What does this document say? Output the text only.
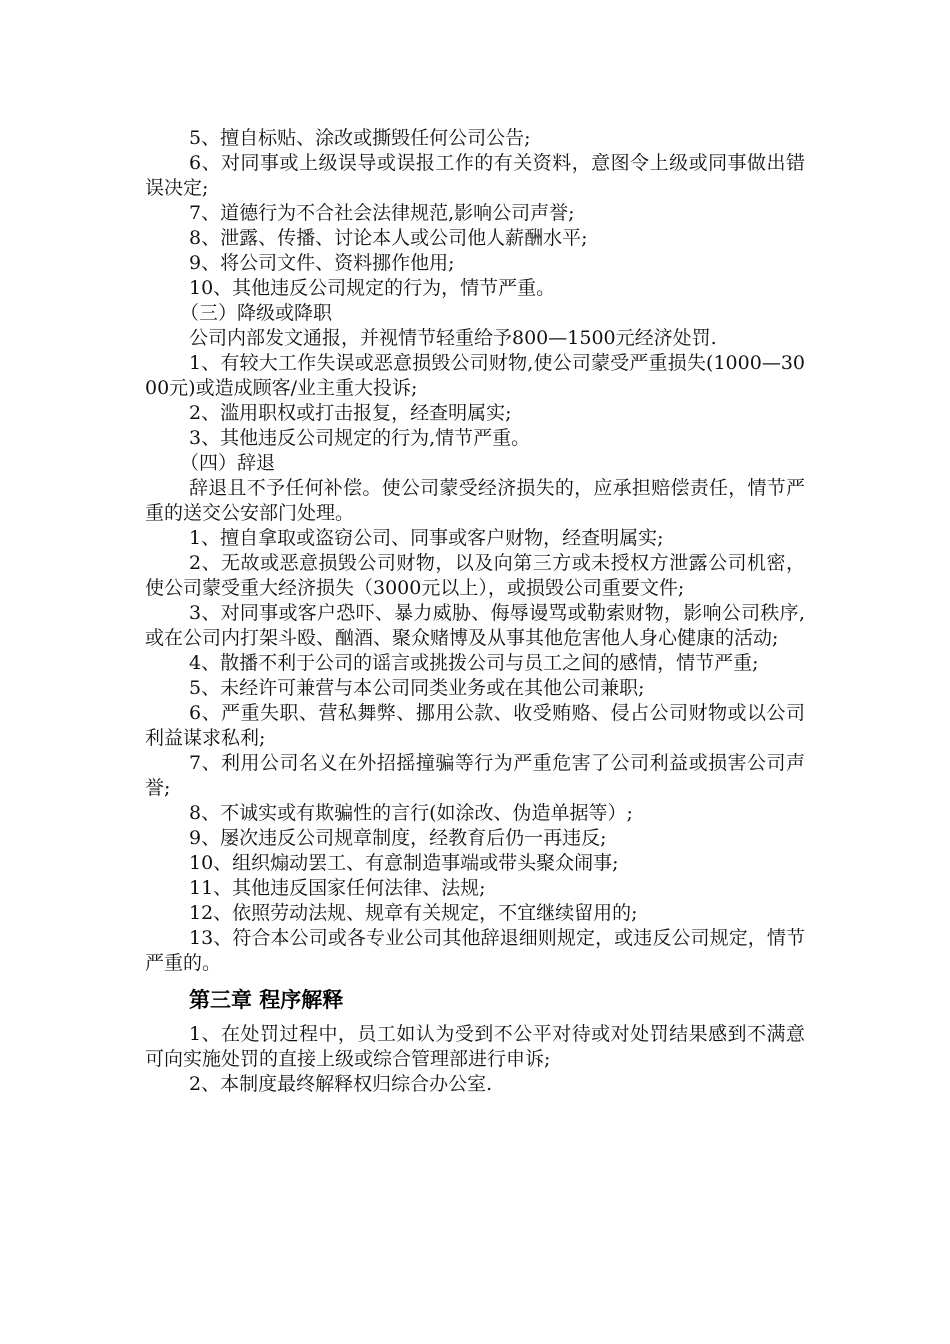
5、擅自标贴、涂改或撕毁任何公司公告;

6、对同事或上级误导或误报工作的有关资料，意图令上级或同事做出错误决定;

7、道德行为不合社会法律规范,影响公司声誉;

8、泄露、传播、讨论本人或公司他人薪酬水平;

9、将公司文件、资料挪作他用;

10、其他违反公司规定的行为，情节严重。

（三）降级或降职

公司内部发文通报，并视情节轻重给予800—1500元经济处罚.

1、有较大工作失误或恶意损毁公司财物,使公司蒙受严重损失(1000—3000元)或造成顾客/业主重大投诉;

2、滥用职权或打击报复，经查明属实;

3、其他违反公司规定的行为,情节严重。

（四）辞退

辞退且不予任何补偿。使公司蒙受经济损失的，应承担赔偿责任，情节严重的送交公安部门处理。

1、擅自拿取或盗窃公司、同事或客户财物，经查明属实;

2、无故或恶意损毁公司财物，以及向第三方或未授权方泄露公司机密，使公司蒙受重大经济损失（3000元以上），或损毁公司重要文件;

3、对同事或客户恐吓、暴力威胁、侮辱谩骂或勒索财物，影响公司秩序,或在公司内打架斗殴、酗酒、聚众赌博及从事其他危害他人身心健康的活动;

4、散播不利于公司的谣言或挑拨公司与员工之间的感情，情节严重;

5、未经许可兼营与本公司同类业务或在其他公司兼职;

6、严重失职、营私舞弊、挪用公款、收受贿赂、侵占公司财物或以公司利益谋求私利;

7、利用公司名义在外招摇撞骗等行为严重危害了公司利益或损害公司声誉;

8、不诚实或有欺骗性的言行(如涂改、伪造单据等）;

9、屡次违反公司规章制度，经教育后仍一再违反;

10、组织煽动罢工、有意制造事端或带头聚众闹事;

11、其他违反国家任何法律、法规;

12、依照劳动法规、规章有关规定，不宜继续留用的;

13、符合本公司或各专业公司其他辞退细则规定，或违反公司规定，情节严重的。

第三章 程序解释

1、在处罚过程中，员工如认为受到不公平对待或对处罚结果感到不满意可向实施处罚的直接上级或综合管理部进行申诉;

2、本制度最终解释权归综合办公室.
